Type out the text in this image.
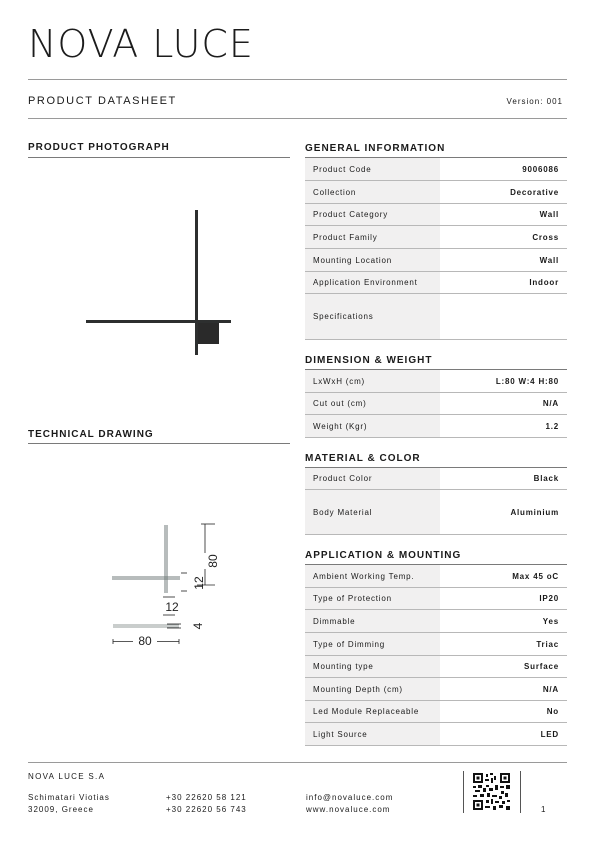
NOVA LUCE
PRODUCT DATASHEET	Version: 001
PRODUCT PHOTOGRAPH
TECHNICAL DRAWING
80
12
12
4
80
GENERAL INFORMATION
Product Code	9006086
Collection	Decorative
Product Category	Wall
Product Family	Cross
Mounting Location	Wall
Application Environment	Indoor
Specifications
DIMENSION & WEIGHT
LxWxH (cm)	L:80 W:4 H:80
Cut out (cm)	N/A
Weight (Kgr)	1.2
MATERIAL & COLOR
Product Color	Black
Body Material	Aluminium
APPLICATION & MOUNTING
Ambient Working Temp.	Max 45 oC
Type of Protection	IP20
Dimmable	Yes
Type of Dimming	Triac
Mounting type	Surface
Mounting Depth (cm)	N/A
Led Module Replaceable	No
Light Source	LED
NOVA LUCE S.A
Schimatari Viotias
32009, Greece
+30 22620 58 121
+30 22620 56 743
info@novaluce.com
www.novaluce.com	1
